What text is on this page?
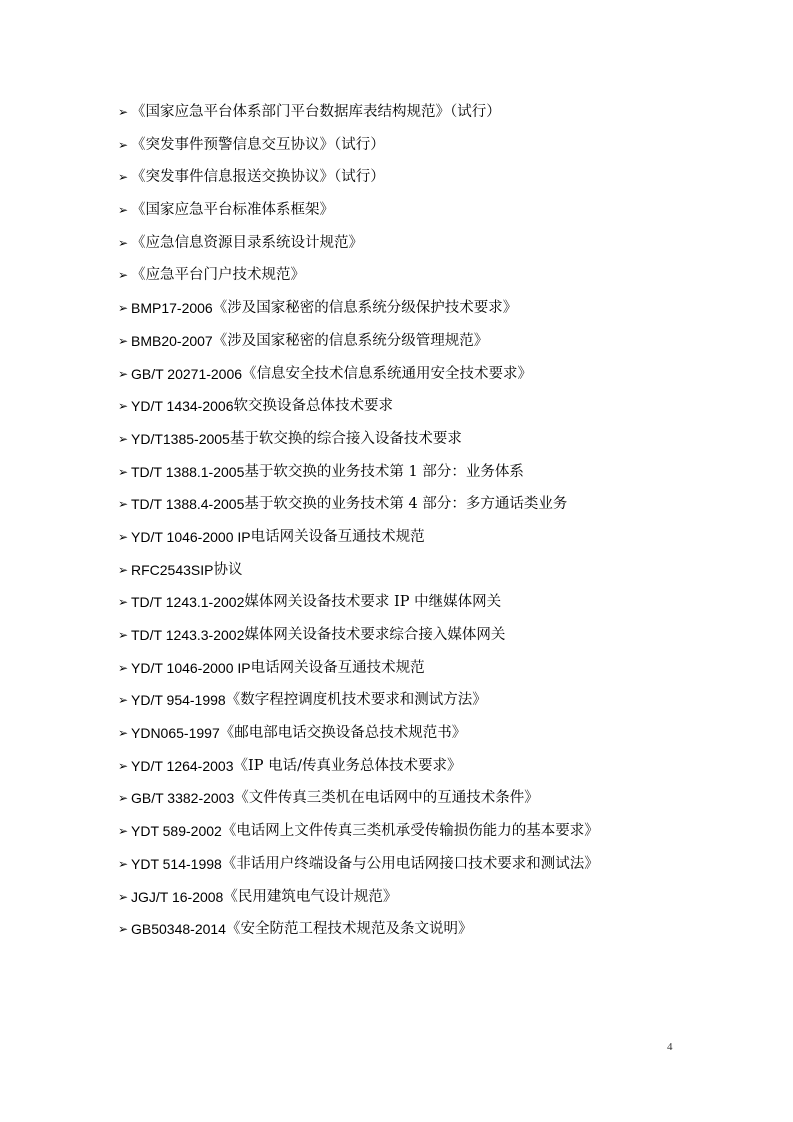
➢ 《国家应急平台体系部门平台数据库表结构规范》（试行）
➢ 《突发事件预警信息交互协议》（试行）
➢ 《突发事件信息报送交换协议》（试行）
➢ 《国家应急平台标准体系框架》
➢ 《应急信息资源目录系统设计规范》
➢ 《应急平台门户技术规范》
➢ BMP17-2006 《涉及国家秘密的信息系统分级保护技术要求》
➢ BMB20-2007 《涉及国家秘密的信息系统分级管理规范》
➢ GB/T 20271-2006 《信息安全技术信息系统通用安全技术要求》
➢ YD/T 1434-2006 软交换设备总体技术要求
➢ YD/T1385-2005 基于软交换的综合接入设备技术要求
➢ TD/T 1388.1-2005 基于软交换的业务技术第 1 部分：业务体系
➢ TD/T 1388.4-2005 基于软交换的业务技术第 4 部分：多方通话类业务
➢ YD/T 1046-2000 IP 电话网关设备互通技术规范
➢ RFC2543SIP 协议
➢ TD/T 1243.1-2002 媒体网关设备技术要求 IP 中继媒体网关
➢ TD/T 1243.3-2002 媒体网关设备技术要求综合接入媒体网关
➢ YD/T 1046-2000 IP 电话网关设备互通技术规范
➢ YD/T 954-1998 《数字程控调度机技术要求和测试方法》
➢ YDN065-1997 《邮电部电话交换设备总技术规范书》
➢ YD/T 1264-2003 《IP 电话/传真业务总体技术要求》
➢ GB/T 3382-2003 《文件传真三类机在电话网中的互通技术条件》
➢ YDT 589-2002 《电话网上文件传真三类机承受传输损伤能力的基本要求》
➢ YDT 514-1998 《非话用户终端设备与公用电话网接口技术要求和测试法》
➢ JGJ/T 16-2008 《民用建筑电气设计规范》
➢ GB50348-2014 《安全防范工程技术规范及条文说明》
4
